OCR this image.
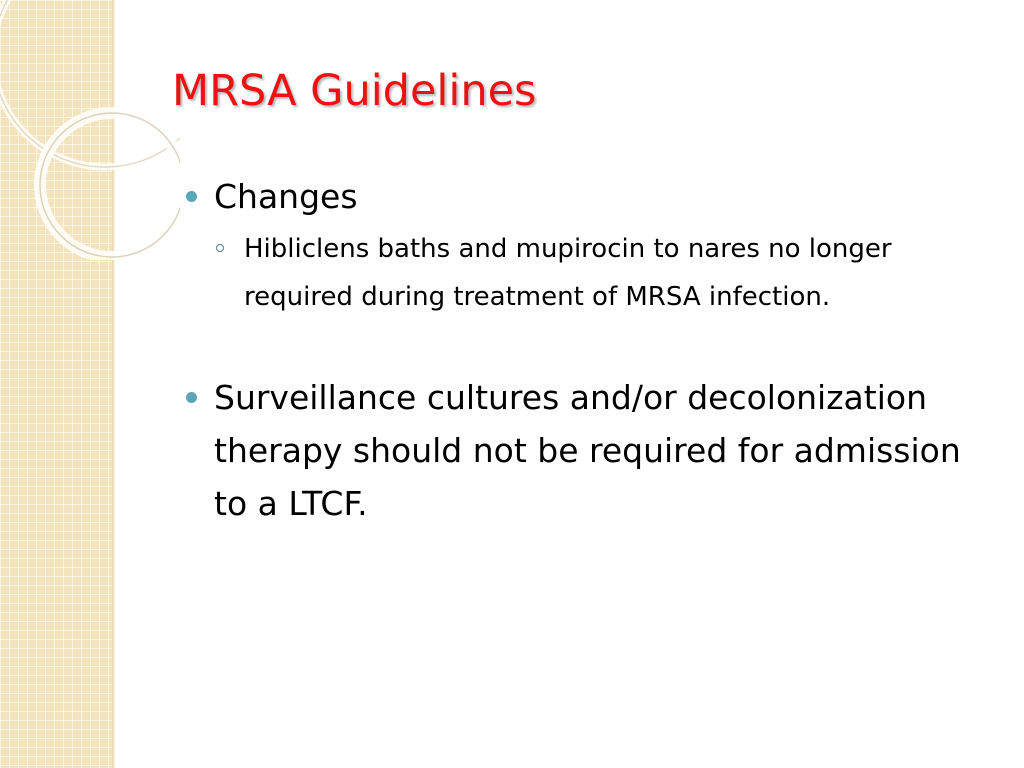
MRSA Guidelines
Changes
Hibliclens baths and mupirocin to nares no longer required during treatment of MRSA infection.
Surveillance cultures and/or decolonization therapy should not be required for admission to a LTCF.
